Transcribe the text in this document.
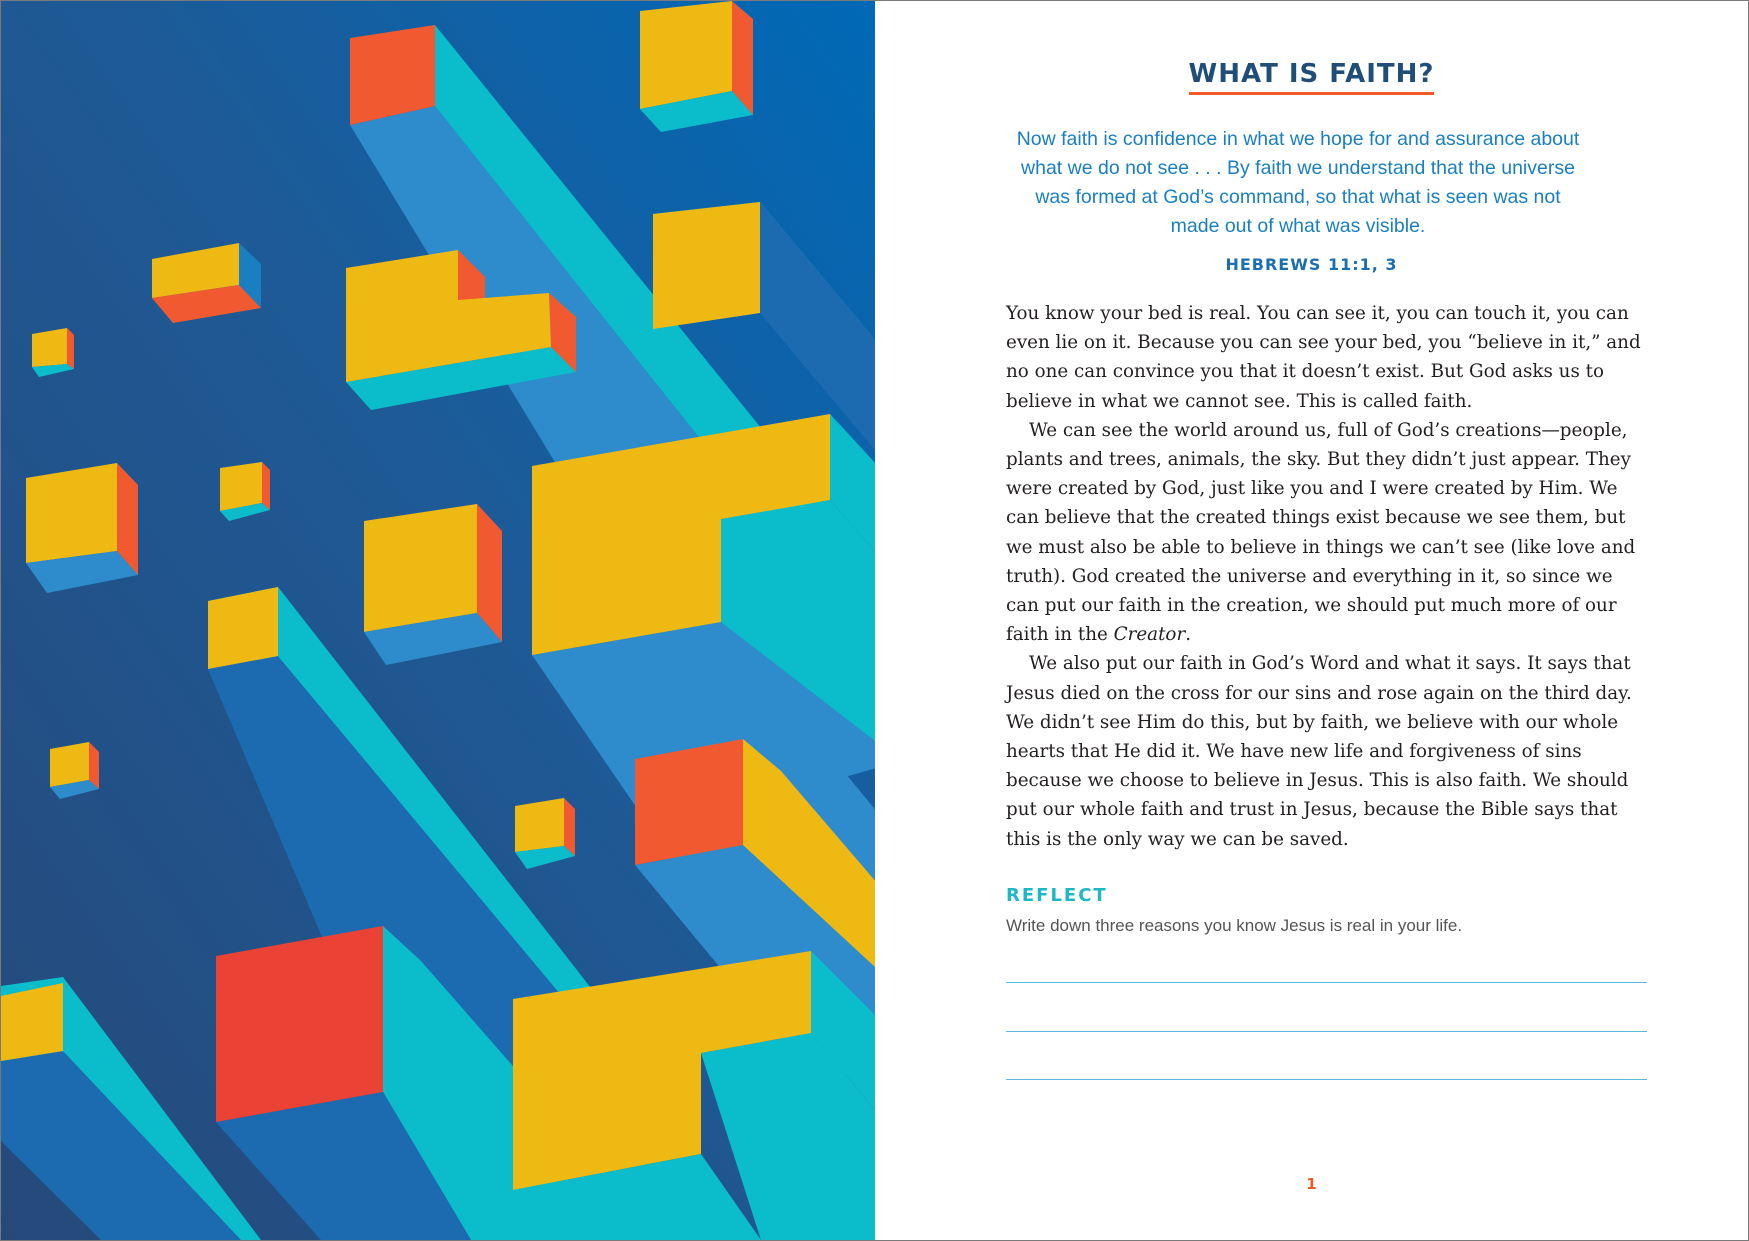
WHAT IS FAITH?

Now faith is confidence in what we hope for and assurance about what we do not see . . . By faith we understand that the universe was formed at God’s command, so that what is seen was not made out of what was visible.

HEBREWS 11:1, 3

You know your bed is real. You can see it, you can touch it, you can even lie on it. Because you can see your bed, you “believe in it,” and no one can convince you that it doesn’t exist. But God asks us to believe in what we cannot see. This is called faith.

We can see the world around us, full of God’s creations—people, plants and trees, animals, the sky. But they didn’t just appear. They were created by God, just like you and I were created by Him. We can believe that the created things exist because we see them, but we must also be able to believe in things we can’t see (like love and truth). God created the universe and everything in it, so since we can put our faith in the creation, we should put much more of our faith in the Creator.

We also put our faith in God’s Word and what it says. It says that Jesus died on the cross for our sins and rose again on the third day. We didn’t see Him do this, but by faith, we believe with our whole hearts that He did it. We have new life and forgiveness of sins because we choose to believe in Jesus. This is also faith. We should put our whole faith and trust in Jesus, because the Bible says that this is the only way we can be saved.

REFLECT

Write down three reasons you know Jesus is real in your life.

1
